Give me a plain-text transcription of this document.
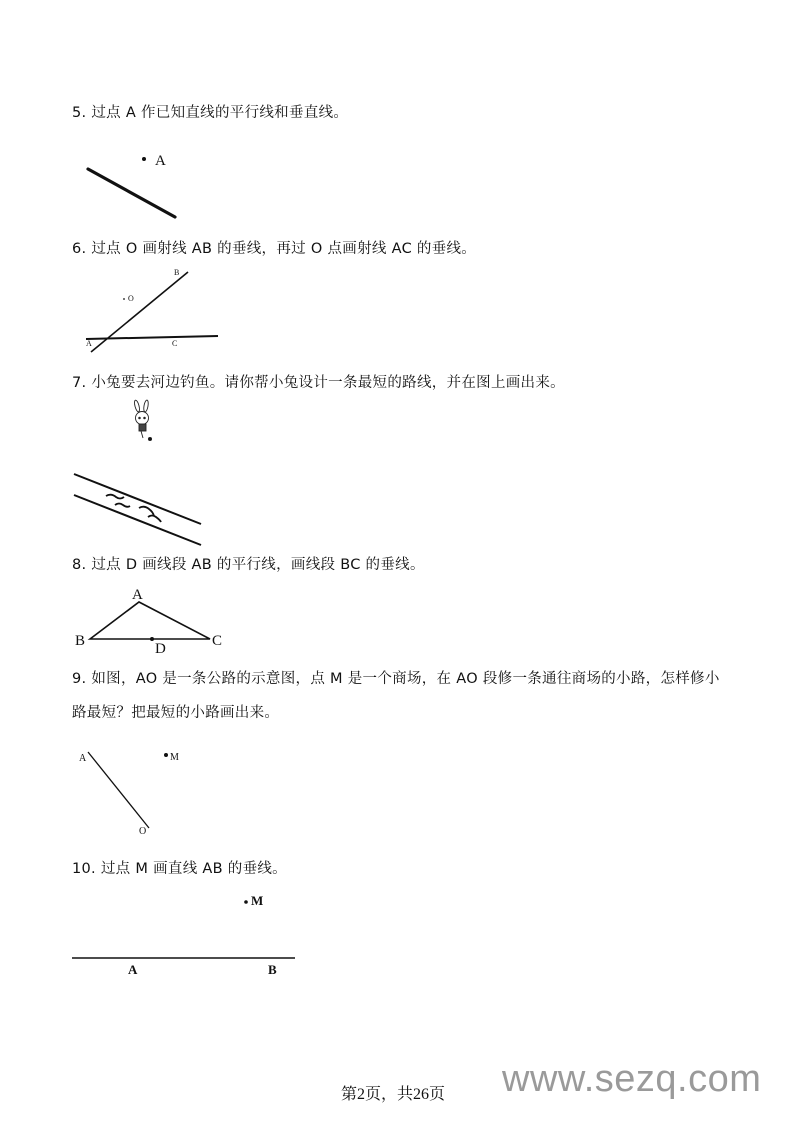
5. 过点 A 作已知直线的平行线和垂直线。
A
6. 过点 O 画射线 AB 的垂线，再过 O 点画射线 AC 的垂线。
B
O
A	C
7. 小兔要去河边钓鱼。请你帮小兔设计一条最短的路线，并在图上画出来。
8. 过点 D 画线段 AB 的平行线，画线段 BC 的垂线。
A
B	C
D
9. 如图，AO 是一条公路的示意图，点 M 是一个商场，在 AO 段修一条通往商场的小路，怎样修小路最短？把最短的小路画出来。
A	M
O
10. 过点 M 画直线 AB 的垂线。
M
A	B
第2页，共26页 www.sezq.com
